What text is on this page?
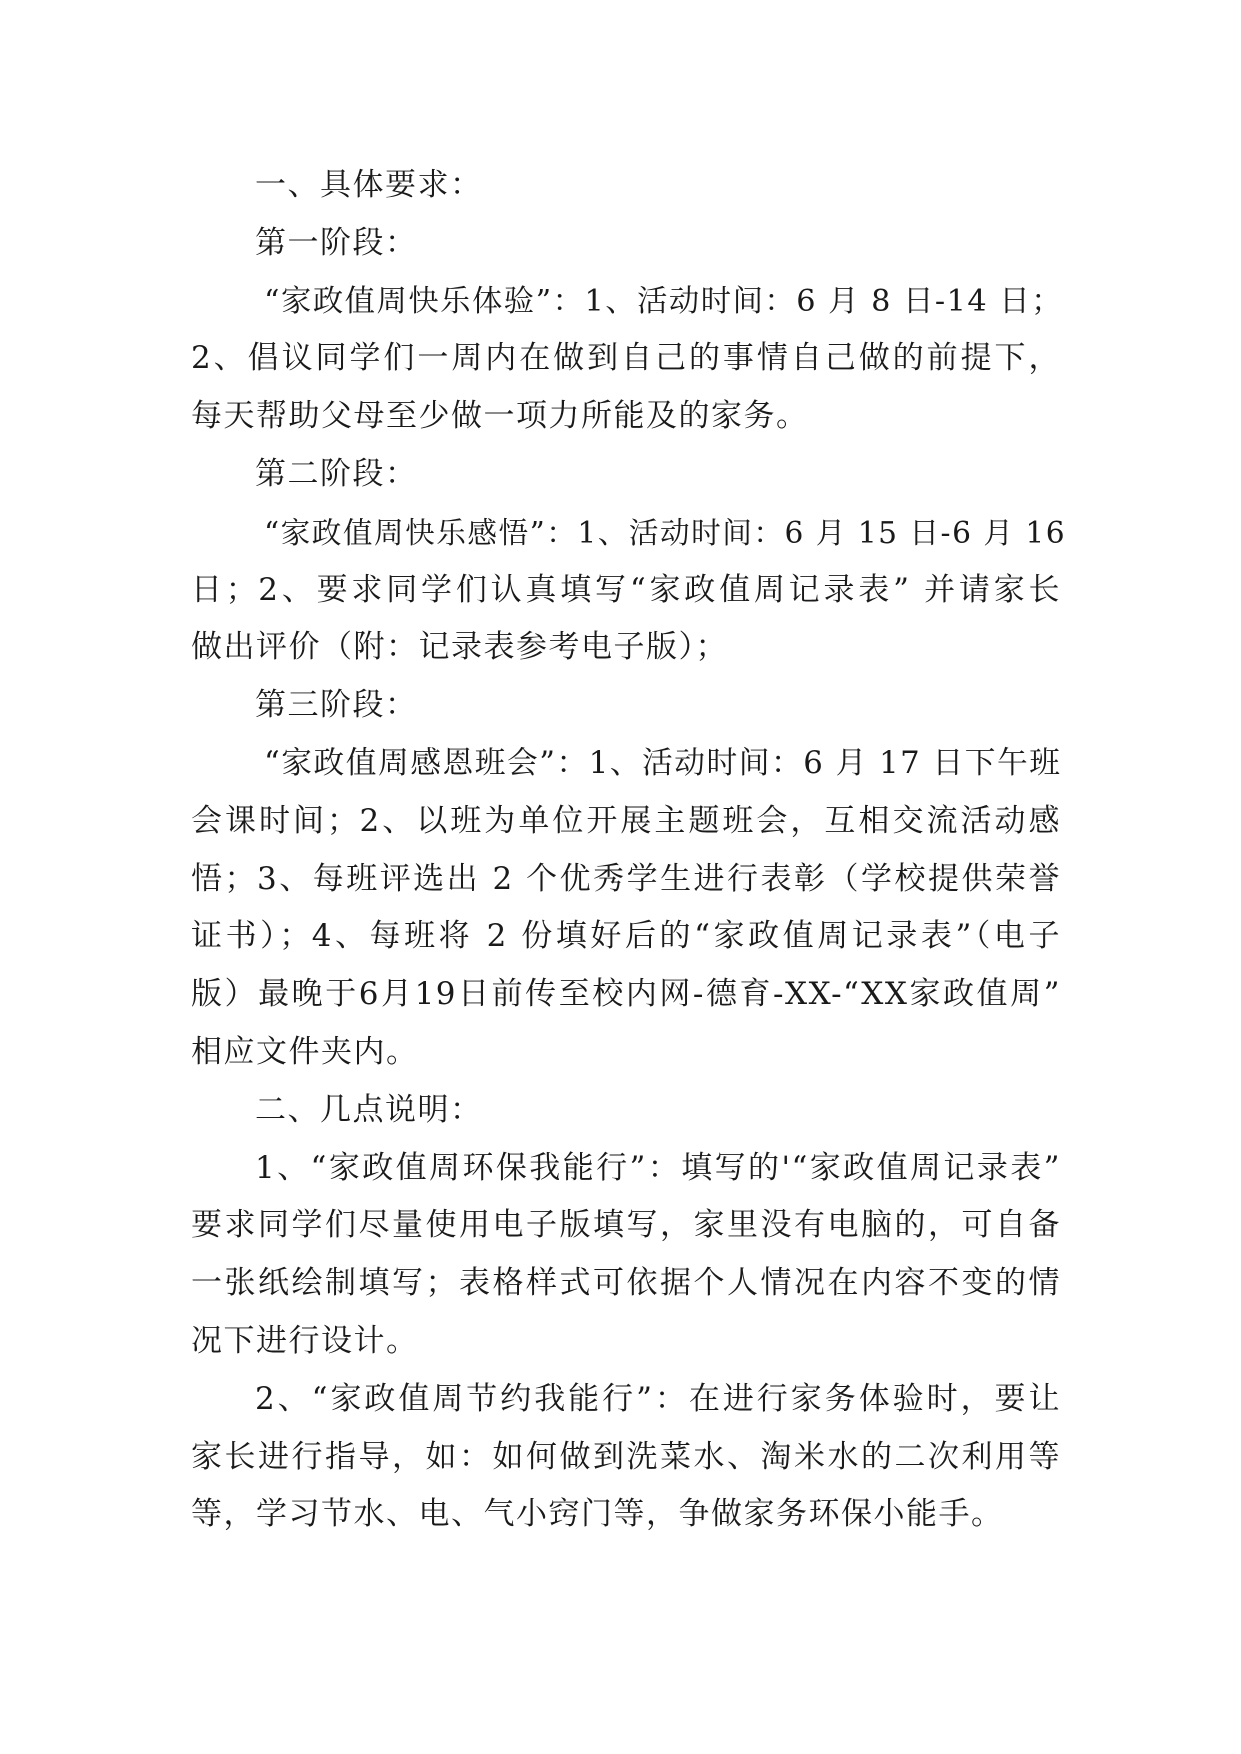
一、具体要求：
第一阶段：
“家政值周快乐体验”：1、活动时间：6 月 8 日-14 日；
2、倡议同学们一周内在做到自己的事情自己做的前提下，
每天帮助父母至少做一项力所能及的家务。
第二阶段：
“家政值周快乐感悟”：1、活动时间：6 月 15 日-6 月 16
日；2、要求同学们认真填写“家政值周记录表” 并请家长
做出评价（附：记录表参考电子版）；
第三阶段：
“家政值周感恩班会”：1、活动时间：6 月 17 日下午班
会课时间；2、以班为单位开展主题班会，互相交流活动感
悟；3、每班评选出 2 个优秀学生进行表彰（学校提供荣誉
证书）；4、每班将 2 份填好后的“家政值周记录表”（电子
版）最晚于6月19日前传至校内网-德育-XX-“XX家政值周”
相应文件夹内。
二、几点说明：
1、“家政值周环保我能行”：填写的'“家政值周记录表”
要求同学们尽量使用电子版填写，家里没有电脑的，可自备
一张纸绘制填写；表格样式可依据个人情况在内容不变的情
况下进行设计。
2、“家政值周节约我能行”：在进行家务体验时，要让
家长进行指导，如：如何做到洗菜水、淘米水的二次利用等
等，学习节水、电、气小窍门等，争做家务环保小能手。
